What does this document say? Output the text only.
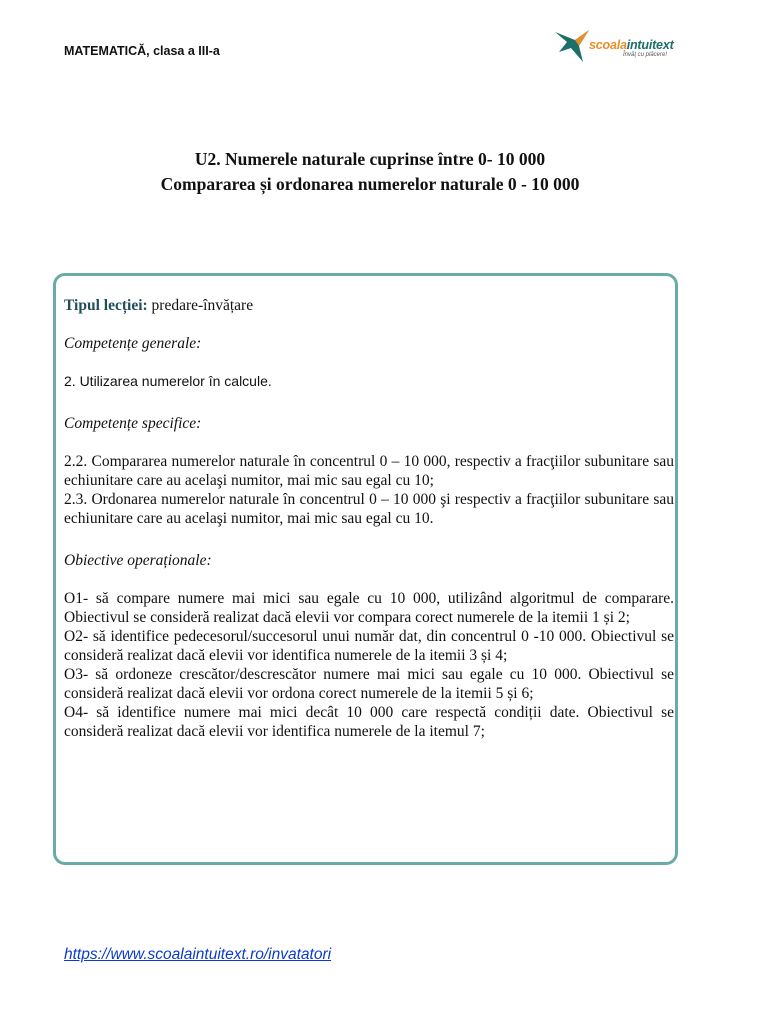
MATEMATICĂ, clasa a III-a	scoalaintuitext
Învăţ cu plăcere!
U2. Numerele naturale cuprinse între 0- 10 000
Compararea și ordonarea numerelor naturale 0 - 10 000

Tipul lecției: predare-învățare

Competențe generale:

2. Utilizarea numerelor în calcule.

Competențe specifice:

2.2. Compararea numerelor naturale în concentrul 0 – 10 000, respectiv a fracţiilor subunitare sau echiunitare care au acelaşi numitor, mai mic sau egal cu 10;

2.3. Ordonarea numerelor naturale în concentrul 0 – 10 000 şi respectiv a fracţiilor subunitare sau echiunitare care au acelaşi numitor, mai mic sau egal cu 10.

Obiective operaționale:

O1- să compare numere mai mici sau egale cu 10 000, utilizând algoritmul de comparare. Obiectivul se consideră realizat dacă elevii vor compara corect numerele de la itemii 1 și 2;

O2- să identifice pedecesorul/succesorul unui număr dat, din concentrul 0 -10 000. Obiectivul se consideră realizat dacă elevii vor identifica numerele de la itemii 3 și 4;

O3- să ordoneze crescător/descrescător numere mai mici sau egale cu 10 000. Obiectivul se consideră realizat dacă elevii vor ordona corect numerele de la itemii 5 și 6;

O4- să identifice numere mai mici decât 10 000 care respectă condiții date. Obiectivul se consideră realizat dacă elevii vor identifica numerele de la itemul 7;

https://www.scoalaintuitext.ro/invatatori
